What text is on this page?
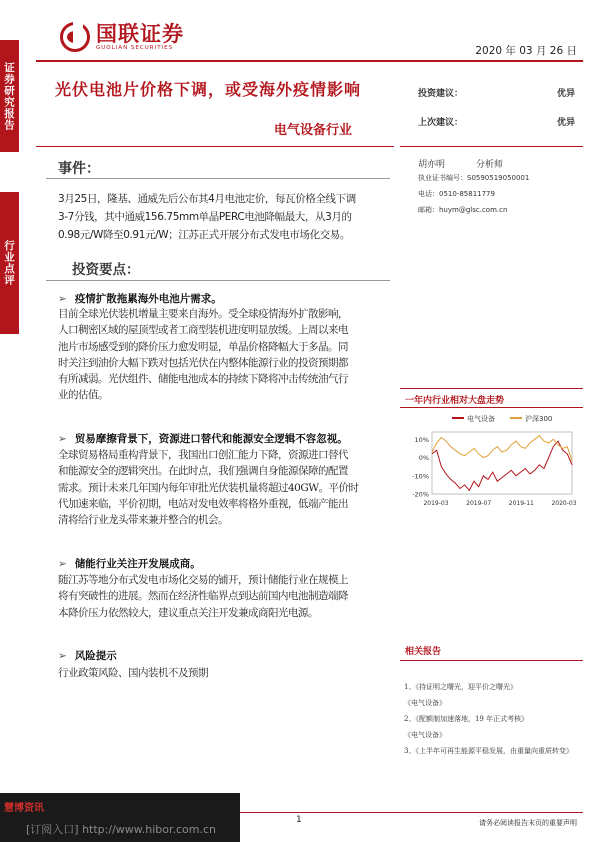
证券研究报告
行业点评
国联证券
GUOLIAN SECURITIES	2020 年 03 月 26 日
光伏电池片价格下调，或受海外疫情影响
电气设备行业
投资建议：	优异
上次建议：	优异
胡亦明	分析师
执业证书编号：S0590519050001
电话：0510-85811779
邮箱：huym@glsc.com.cn
事件：
3月25日，隆基、通威先后公布其4月电池定价，每瓦价格全线下调
3-7分钱，其中通威156.75mm单晶PERC电池降幅最大，从3月的
0.98元/W降至0.91元/W；江苏正式开展分布式发电市场化交易。
投资要点：
➢ 疫情扩散拖累海外电池片需求。
目前全球光伏装机增量主要来自海外。受全球疫情海外扩散影响，
人口稠密区域的屋顶型或者工商型装机进度明显放缓。上周以来电
池片市场感受到的降价压力愈发明显，单晶价格降幅大于多晶。同
时关注到油价大幅下跌对包括光伏在内整体能源行业的投资预期都
有所减弱。光伏组件、储能电池成本的持续下降将冲击传统油气行
业的估值。
➢ 贸易摩擦背景下，资源进口替代和能源安全逻辑不容忽视。
全球贸易格局重构背景下，我国出口创汇能力下降，资源进口替代
和能源安全的逻辑突出。在此时点，我们强调自身能源保障的配置
需求。预计未来几年国内每年审批光伏装机量将超过40GW。平价时
代加速来临，平价初期，电站对发电效率将格外重视，低端产能出
清将给行业龙头带来兼并整合的机会。
➢ 储能行业关注开发展成商。
随江苏等地分布式发电市场化交易的铺开，预计储能行业在规模上
将有突破性的进展。然而在经济性临界点到达前国内电池制造端降
本降价压力依然较大，建议重点关注开发兼成商阳光电源。
➢ 风险提示
行业政策风险、国内装机不及预期
一年内行业相对大盘走势
电气设备	沪深300
10%
0%
-10%
-20%
2019-03	2019-07	2019-11	2020-03
相关报告
1、《持证明之曙光，迎平价之曙光》
《电气设备》
2、《配额制加速落地，19 年正式考核》
《电气设备》
3、《上半年可再生能源平稳发展，由重量向重质转变》
1	请务必阅读报告末页的重要声明
慧博资讯
[订阅入口] http://www.hibor.com.cn
